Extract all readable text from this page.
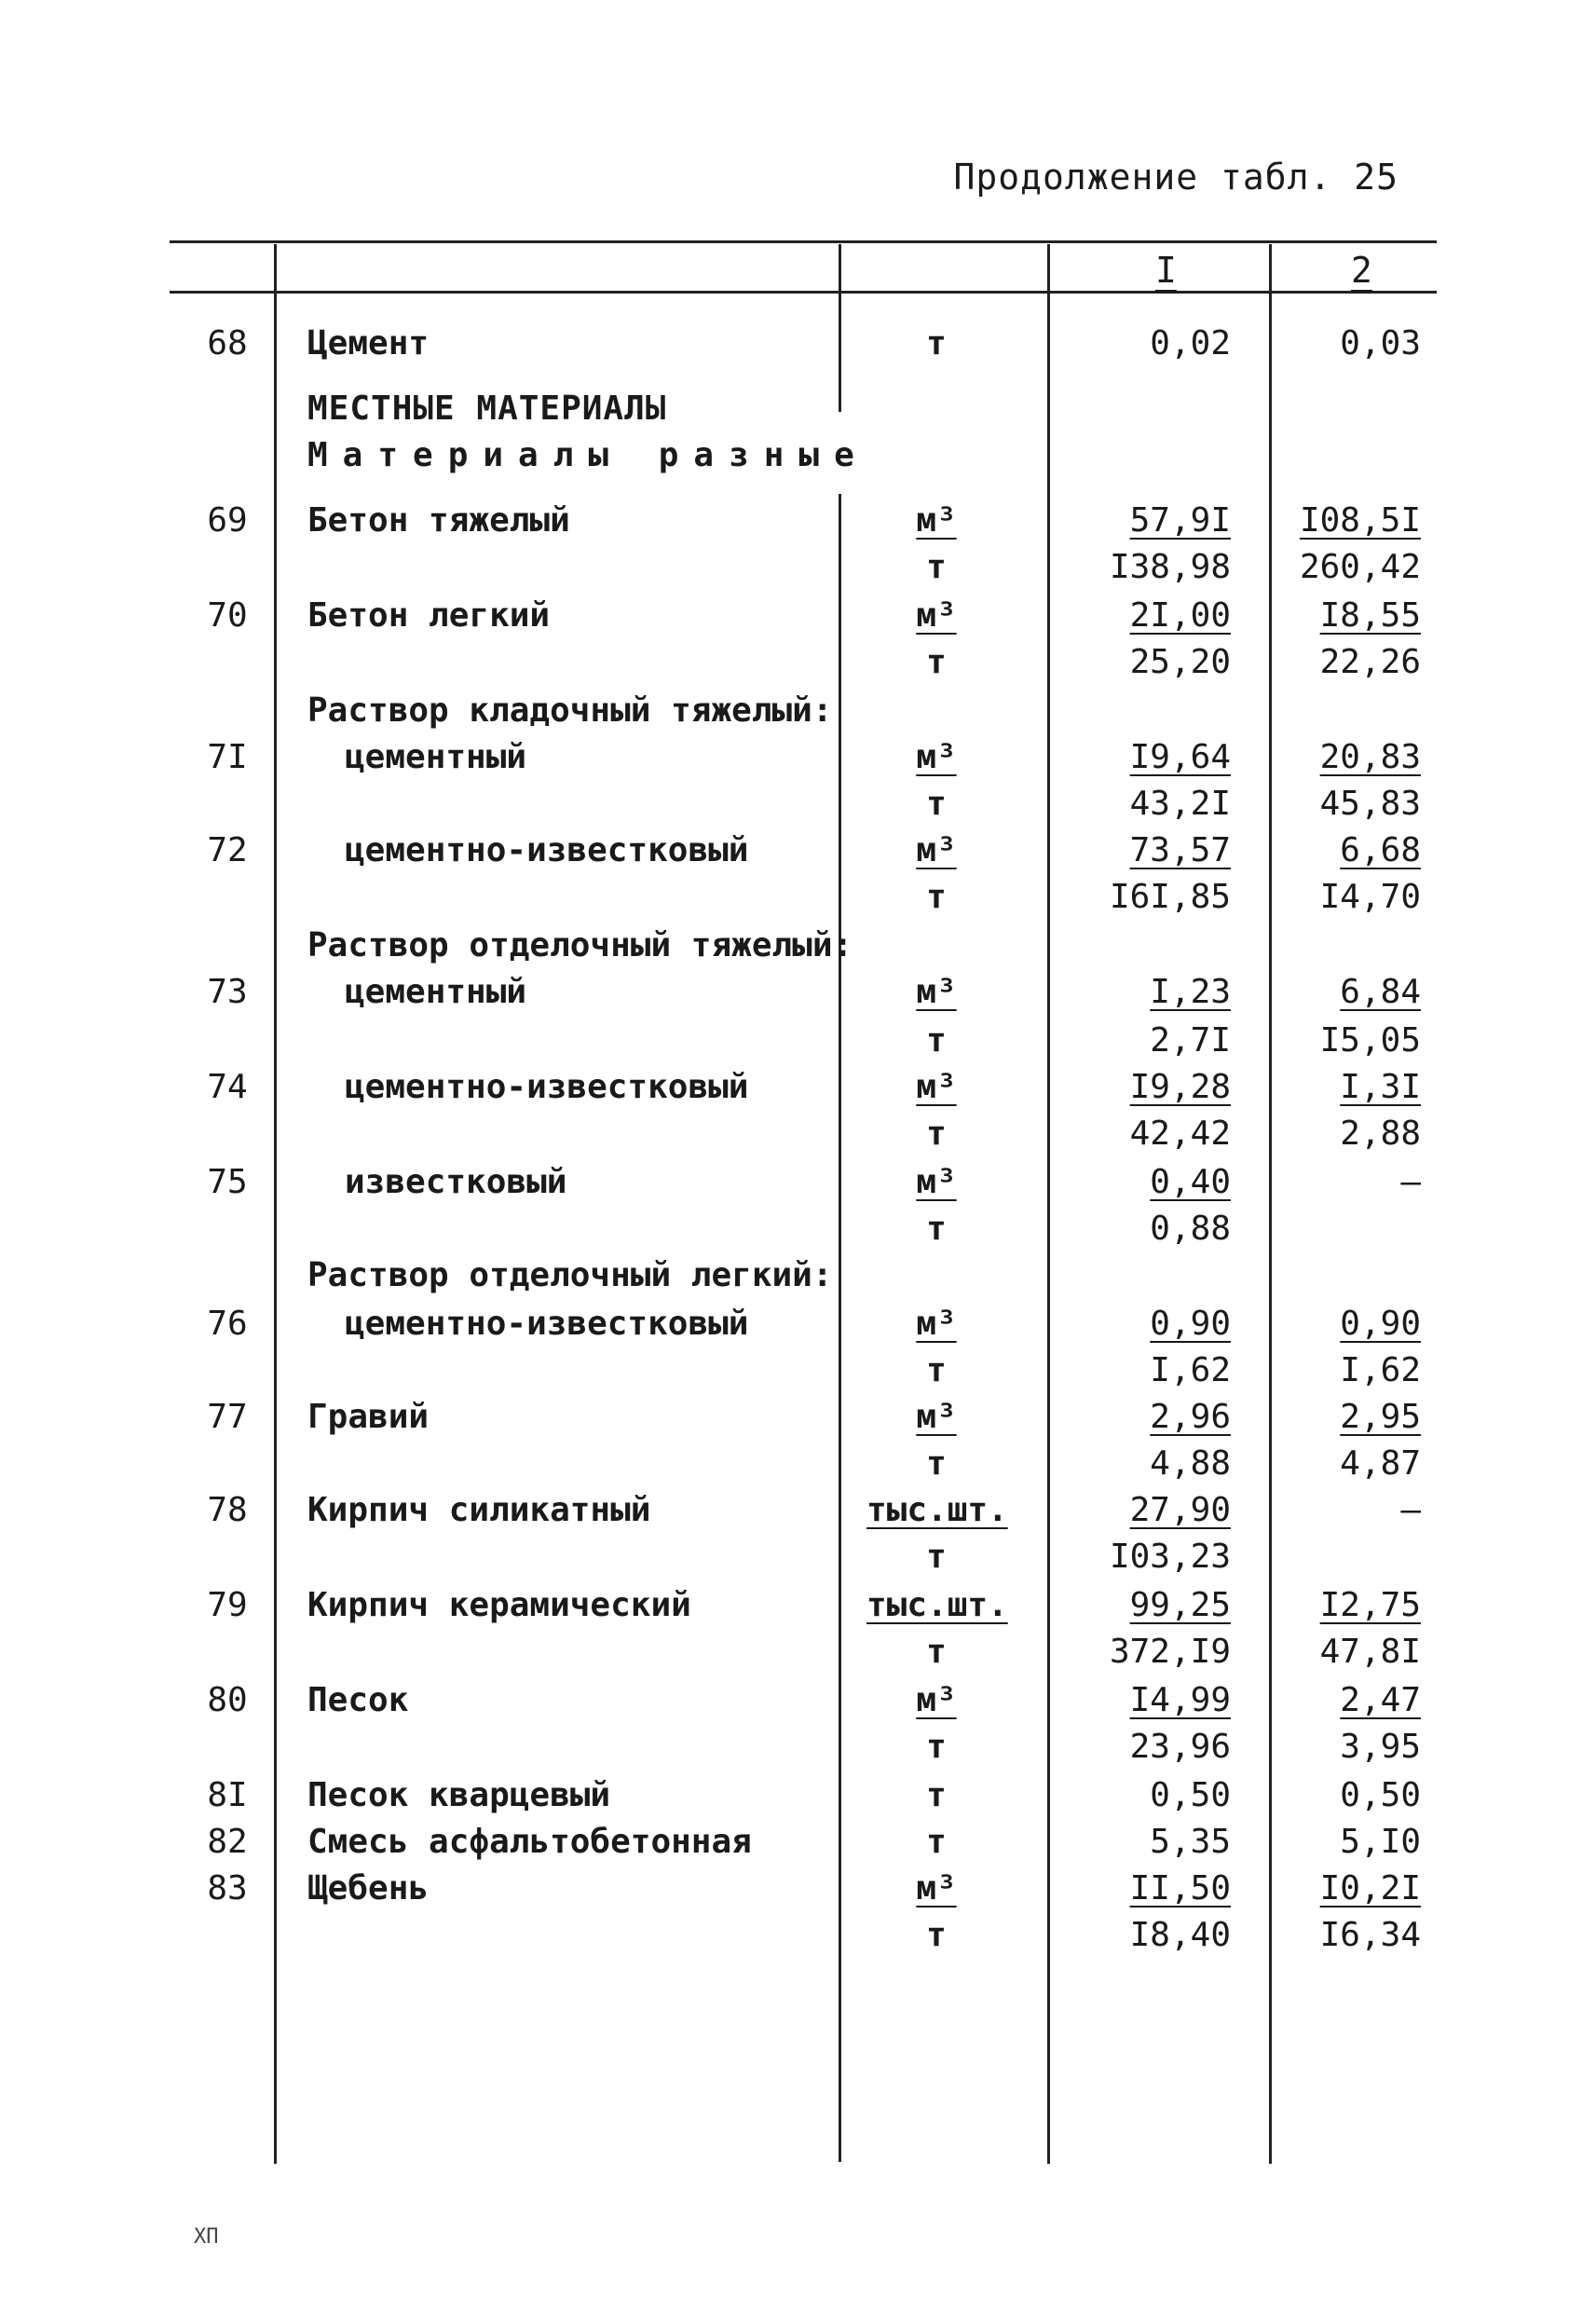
Продолжение табл. 25
I	2
МЕСТНЫЕ МАТЕРИАЛЫ
Материалы разные
68	Цемент	т	0,02	0,03
69	Бетон тяжелый	м³	57,9I I08,5I
т	I38,98 260,42
70	Бетон легкий	м³	2I,00	I8,55
т	25,20	22,26
Раствор кладочный тяжелый:
7I	цементный	м³	I9,64	20,83
т	43,2I	45,83
72	цементно-известковый	м³	73,57	6,68
т	I6I,85	I4,70
Раствор отделочный тяжелый:
73	цементный	м³	I,23	6,84
т	2,7I	I5,05
74	цементно-известковый	м³	I9,28	I,3I
т	42,42	2,88
75	известковый	м³	0,40	–
т	0,88
Раствор отделочный легкий:
76	цементно-известковый	м³	0,90	0,90
т	I,62	I,62
77	Гравий	м³	2,96	2,95
т	4,88	4,87
78	Кирпич силикатный	тыс.шт.	27,90	–
т	I03,23
79	Кирпич керамический	тыс.шт.	99,25	I2,75
т	372,I9	47,8I
80	Песок	м³	I4,99	2,47
т	23,96	3,95
8I	Песок кварцевый	т	0,50	0,50
82	Смесь асфальтобетонная	т	5,35	5,I0
83	Щебень	м³	II,50	I0,2I
т	I8,40	I6,34
ХП
